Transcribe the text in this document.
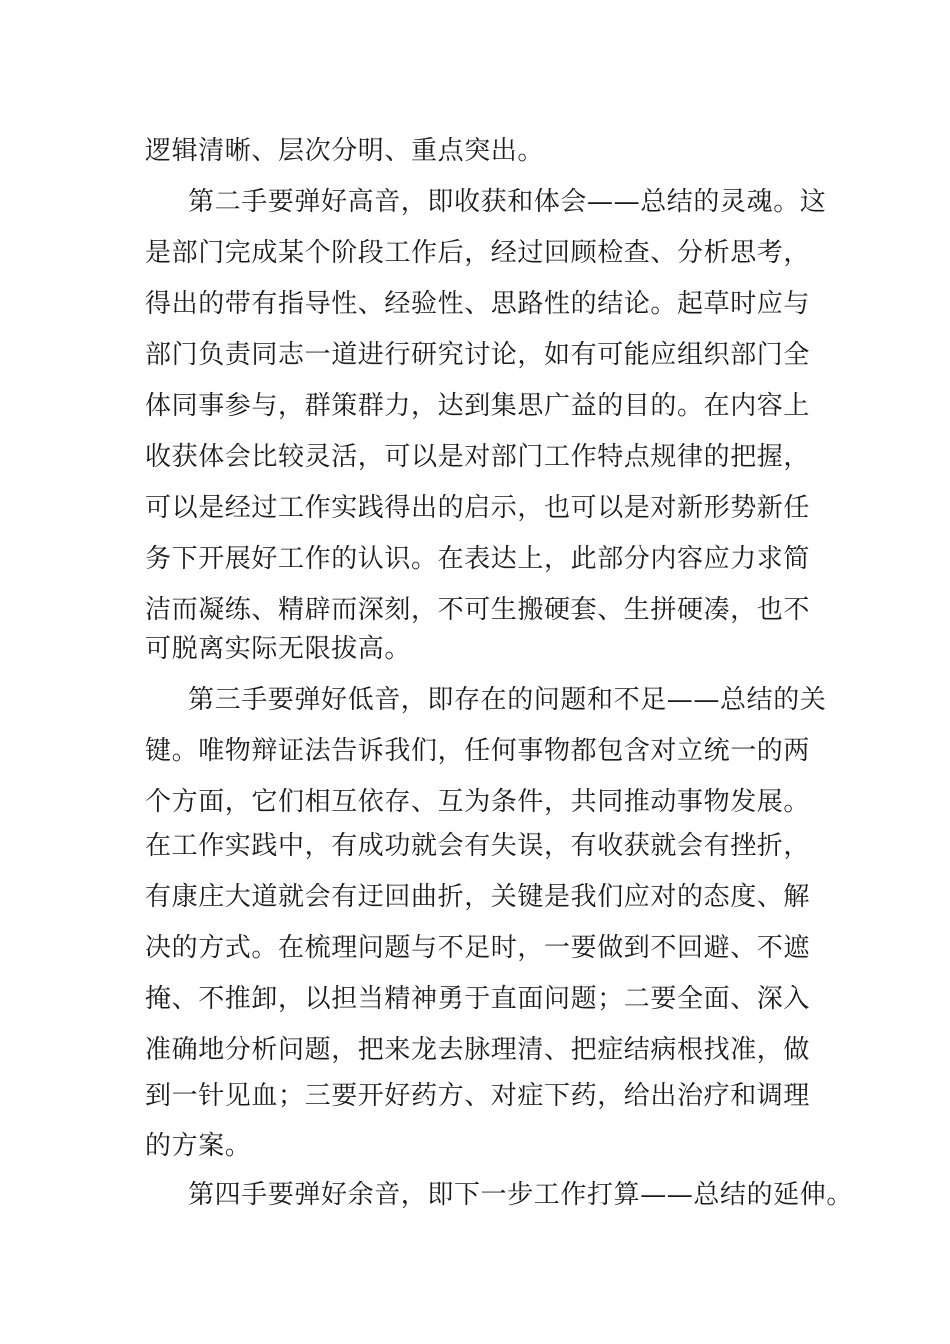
逻辑清晰、层次分明、重点突出。
第二手要弹好高音，即收获和体会——总结的灵魂。这
是部门完成某个阶段工作后，经过回顾检查、分析思考，
得出的带有指导性、经验性、思路性的结论。起草时应与
部门负责同志一道进行研究讨论，如有可能应组织部门全
体同事参与，群策群力，达到集思广益的目的。在内容上
收获体会比较灵活，可以是对部门工作特点规律的把握，
可以是经过工作实践得出的启示，也可以是对新形势新任
务下开展好工作的认识。在表达上，此部分内容应力求简
洁而凝练、精辟而深刻，不可生搬硬套、生拼硬凑，也不
可脱离实际无限拔高。
第三手要弹好低音，即存在的问题和不足——总结的关
键。唯物辩证法告诉我们，任何事物都包含对立统一的两
个方面，它们相互依存、互为条件，共同推动事物发展。
在工作实践中，有成功就会有失误，有收获就会有挫折，
有康庄大道就会有迂回曲折，关键是我们应对的态度、解
决的方式。在梳理问题与不足时，一要做到不回避、不遮
掩、不推卸，以担当精神勇于直面问题；二要全面、深入
准确地分析问题，把来龙去脉理清、把症结病根找准，做
到一针见血；三要开好药方、对症下药，给出治疗和调理
的方案。
第四手要弹好余音，即下一步工作打算——总结的延伸。
